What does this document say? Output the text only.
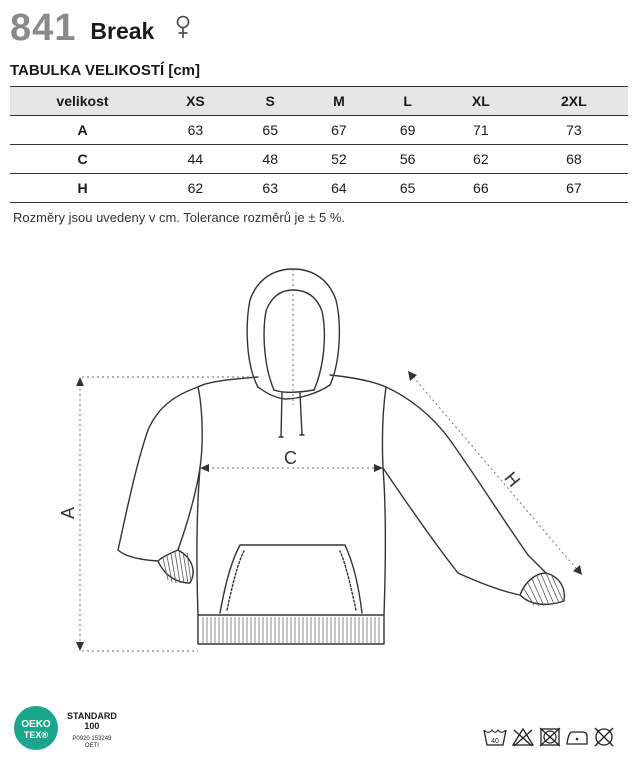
841 Break
TABULKA VELIKOSTÍ [cm]
velikost	XS	S	M	L	XL	2XL
A	63	65	67	69	71	73
C	44	48	52	56	62	68
H	62	63	64	65	66	67
Rozměry jsou uvedeny v cm. Tolerance rozměrů je ± 5 %.
A
C
H
OEKO
TEX®
STANDARD
100
P0920 153249
OETI
40
